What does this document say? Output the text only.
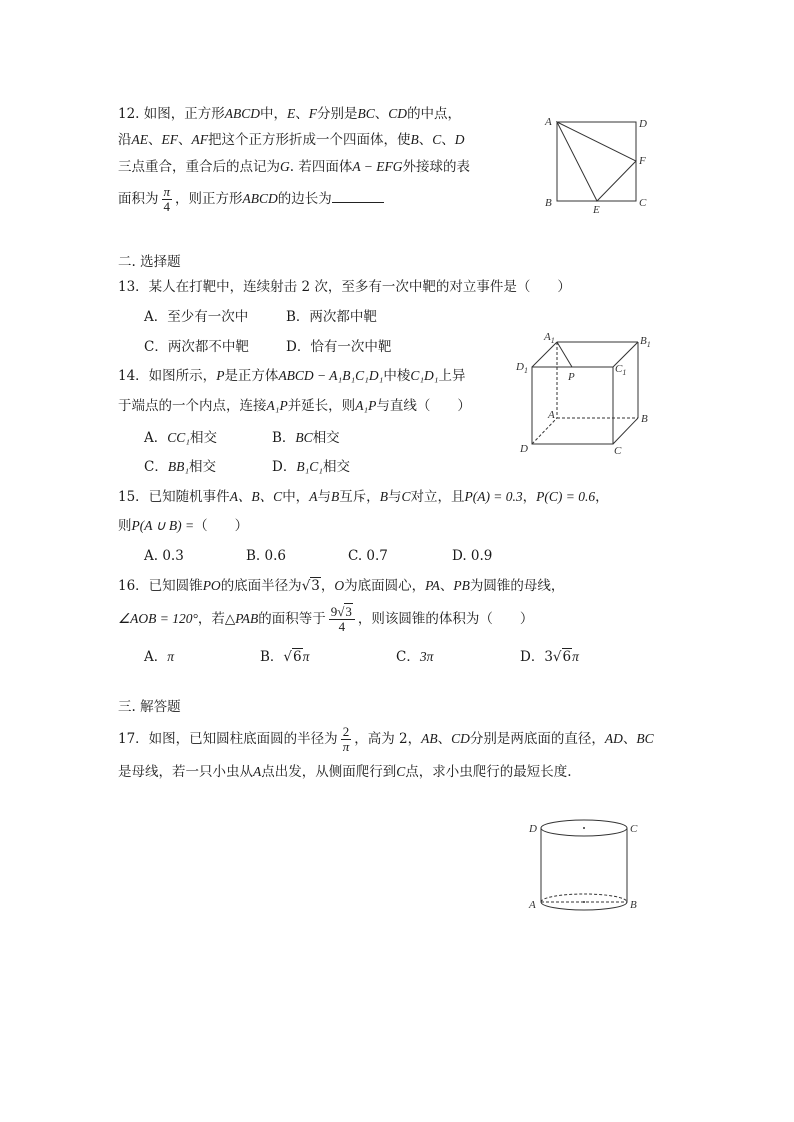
12. 如图，正方形ABCD中，E、F分别是BC、CD的中点，
沿AE、EF、AF把这个正方形折成一个四面体，使B、C、D
三点重合，重合后的点记为G. 若四面体A − EFG外接球的表
面积为 $\frac{\pi}{4}$ ，则正方形ABCD的边长为
A	D
F
C
E
B
二. 选择题
13．某人在打靶中，连续射击 2 次，至多有一次中靶的对立事件是（　　）
A．至少有一次中	B．两次都中靶
C．两次都不中靶	D．恰有一次中靶
14．如图所示，P是正方体ABCD − A₁B₁C₁D₁中棱C₁D₁上异
于端点的一个内点，连接A₁P并延长，则A₁P与直线（　　）
A．CC₁相交	B．BC相交
C．BB₁相交	D．B₁C₁相交
$A_1$	$B_1$
$D_1$	$C_1$
P
A	B
C
D
15．已知随机事件A、B、C中，A与B互斥，B与C对立，且P(A) = 0.3，P(C) = 0.6，
则P(A ∪ B) =（　　）
A. 0.3	B. 0.6	C. 0.7	D. 0.9
16．已知圆锥PO的底面半径为√3，O为底面圆心，PA、PB为圆锥的母线，
∠AOB = 120°，若△PAB的面积等于 $\frac{9√3}{4}$ ，则该圆锥的体积为（　　）
A．π	B．√6π	C．3π	D．3√6π
三. 解答题
17．如图，已知圆柱底面圆的半径为 $\frac{2}{\pi}$ ，高为 2，AB、CD分别是两底面的直径，AD、BC
是母线，若一只小虫从A点出发，从侧面爬行到C点，求小虫爬行的最短长度.
D	C
A	B
